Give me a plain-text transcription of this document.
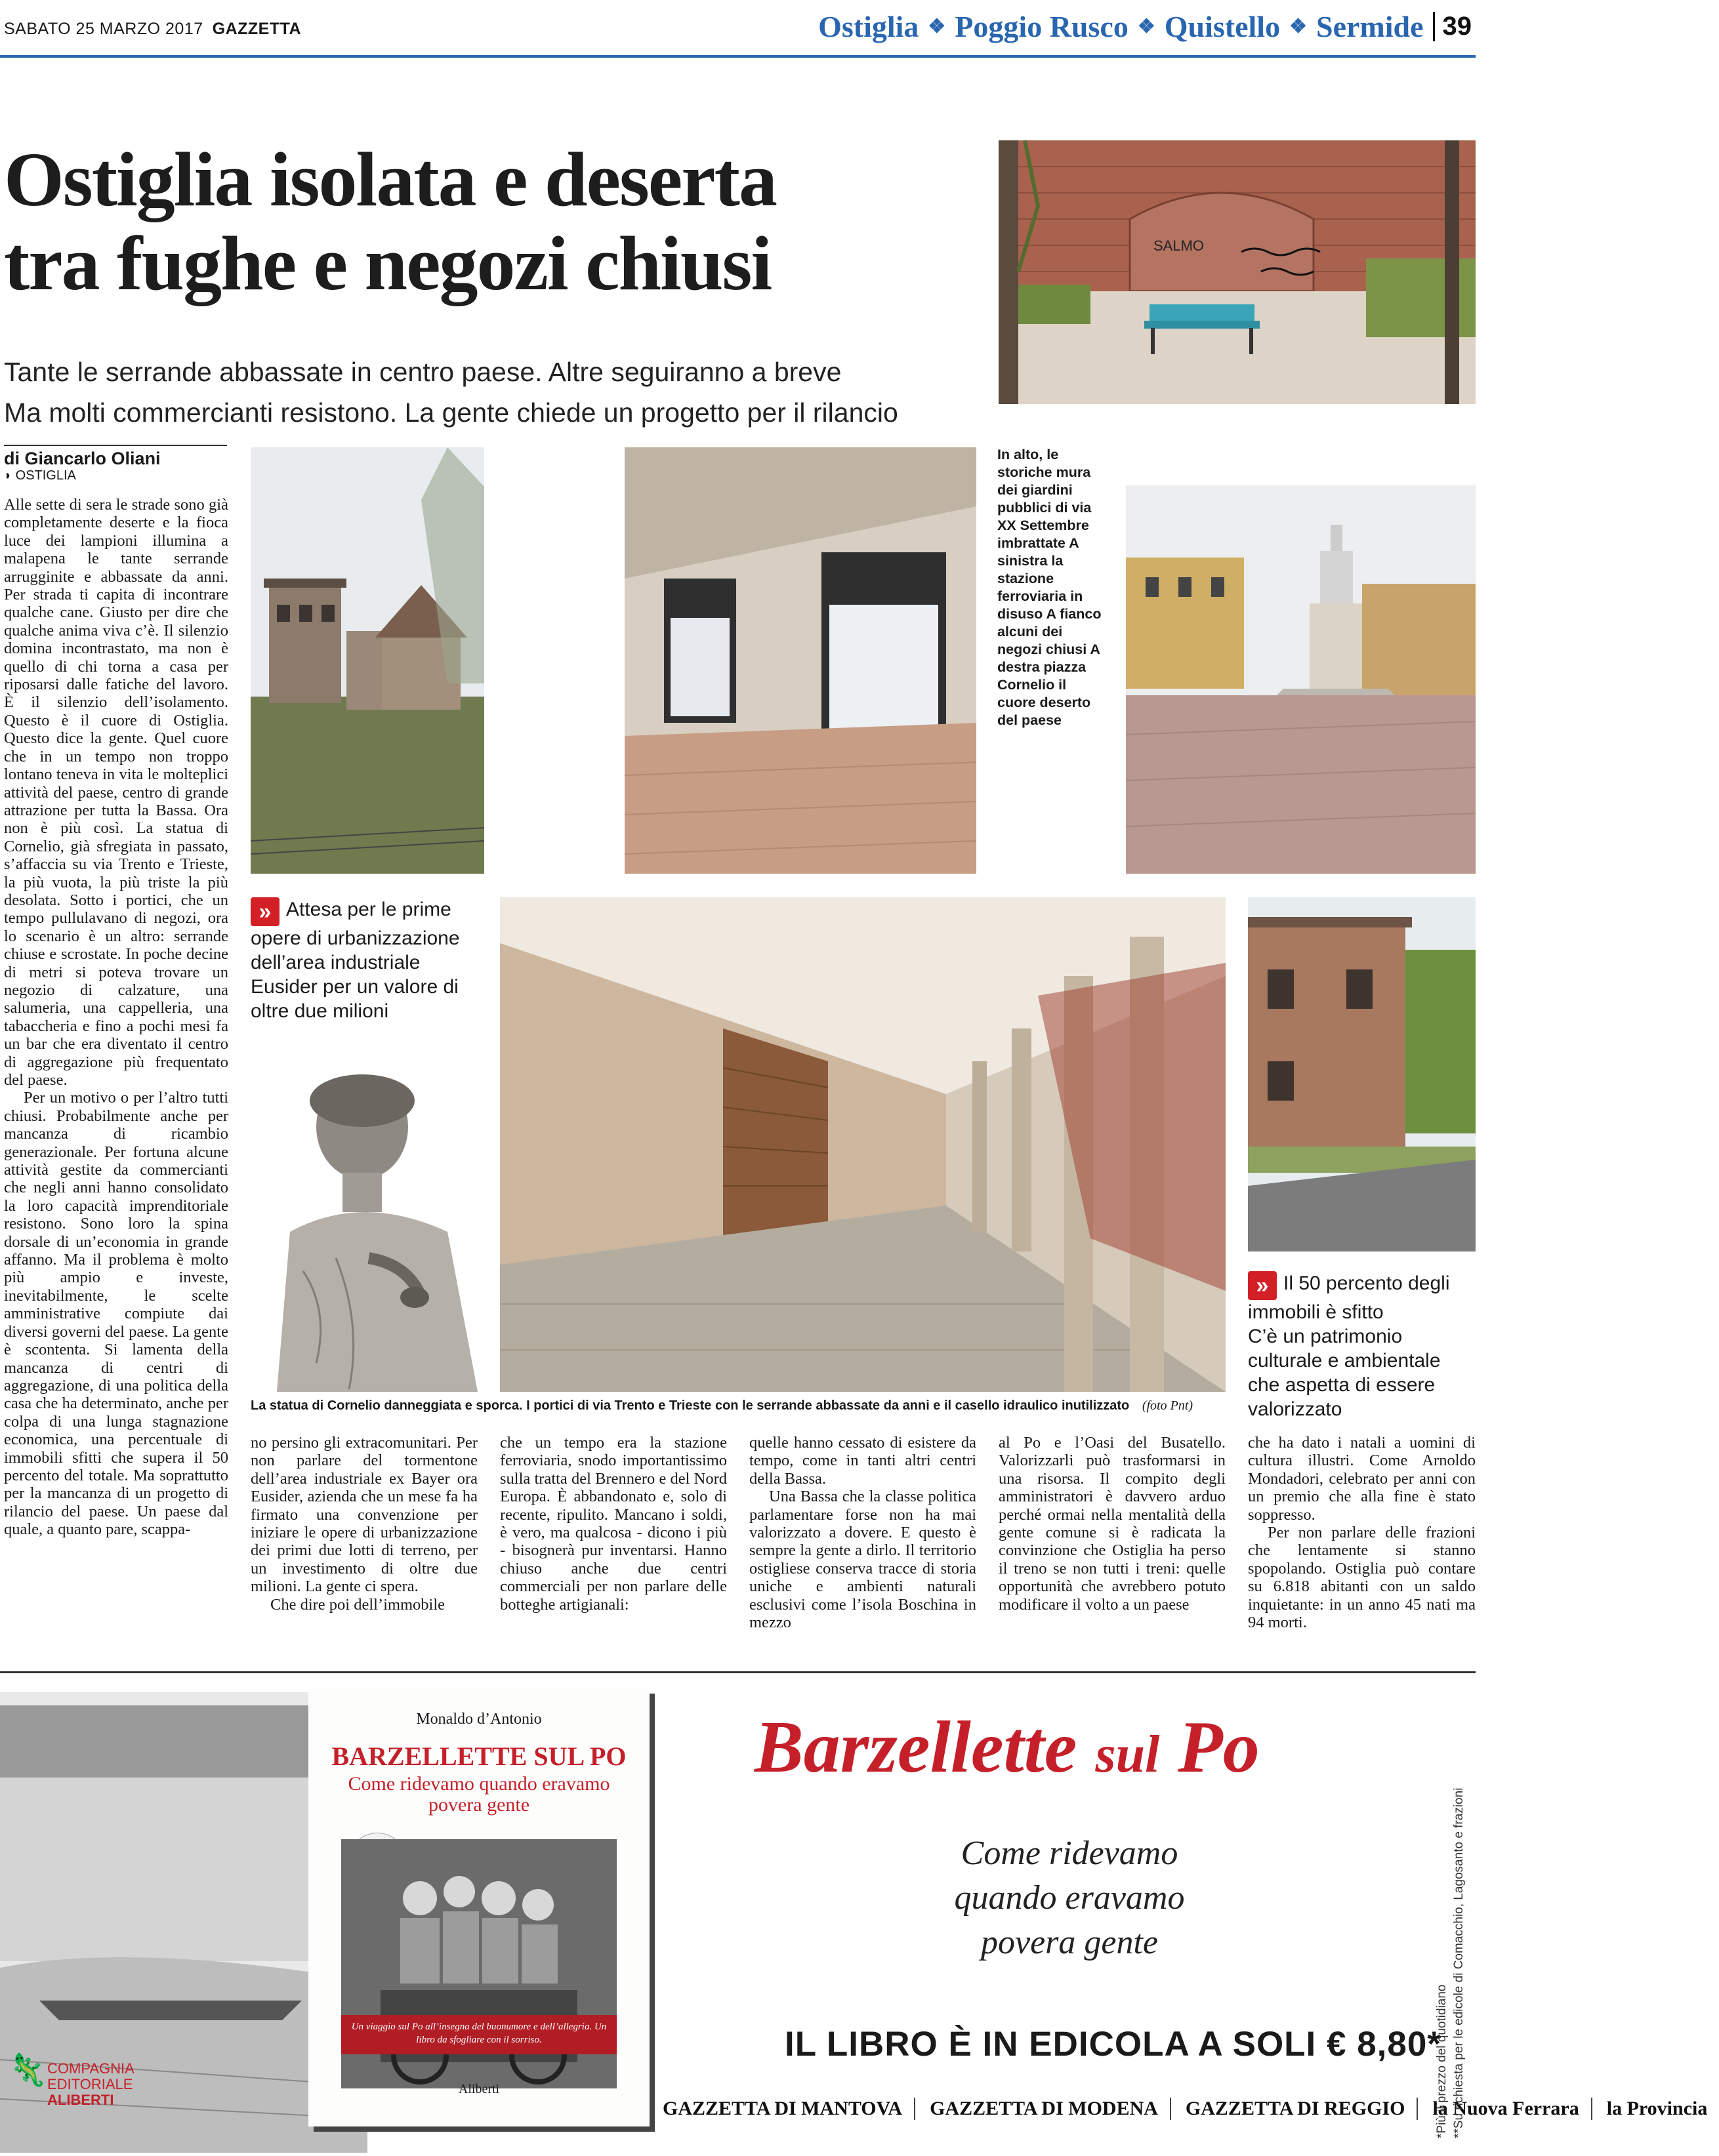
SABATO 25 MARZO 2017 GAZZETTA	Ostiglia ❖ Poggio Rusco ❖ Quistello ❖ Sermide 39
Ostiglia isolata e deserta
tra fughe e negozi chiusi
Tante le serrande abbassate in centro paese. Altre seguiranno a breve
Ma molti commercianti resistono. La gente chiede un progetto per il rilancio
di Giancarlo Oliani
◗ OSTIGLIA
SALMO
In alto, le storiche mura dei giardini pubblici di via XX Settembre imbrattate A sinistra la stazione ferroviaria in disuso A fianco alcuni dei negozi chiusi A destra piazza Cornelio il cuore deserto del paese
» Attesa per le prime opere di urbanizzazione dell’area industriale Eusider per un valore di oltre due milioni
» Il 50 percento degli immobili è sfitto
C’è un patrimonio culturale e ambientale che aspetta di essere valorizzato
La statua di Cornelio danneggiata e sporca. I portici di via Trento e Trieste con le serrande abbassate da anni e il casello idraulico inutilizzato (foto Pnt)

Alle sette di sera le strade sono già completamente deserte e la fioca luce dei lampioni illumina a malapena le tante serrande arrugginite e abbassate da anni. Per strada ti capita di incontrare qualche cane. Giusto per dire che qualche anima viva c’è. Il silenzio domina incontrastato, ma non è quello di chi torna a casa per riposarsi dalle fatiche del lavoro. È il silenzio dell’isolamento. Questo è il cuore di Ostiglia. Questo dice la gente. Quel cuore che in un tempo non troppo lontano teneva in vita le molteplici attività del paese, centro di grande attrazione per tutta la Bassa. Ora non è più così. La statua di Cornelio, già sfregiata in passato, s’affaccia su via Trento e Trieste, la più vuota, la più triste la più desolata. Sotto i portici, che un tempo pullulavano di negozi, ora lo scenario è un altro: serrande chiuse e scrostate. In poche decine di metri si poteva trovare un negozio di calzature, una salumeria, una cappelleria, una tabaccheria e fino a pochi mesi fa un bar che era diventato il centro di aggregazione più frequentato del paese.

Per un motivo o per l’altro tutti chiusi. Probabilmente anche per mancanza di ricambio generazionale. Per fortuna alcune attività gestite da commercianti che negli anni hanno consolidato la loro capacità imprenditoriale resistono. Sono loro la spina dorsale di un’economia in grande affanno. Ma il problema è molto più ampio e investe, inevitabilmente, le scelte amministrative compiute dai diversi governi del paese. La gente è scontenta. Si lamenta della mancanza di centri di aggregazione, di una politica della casa che ha determinato, anche per colpa di una lunga stagnazione economica, una percentuale di immobili sfitti che supera il 50 percento del totale. Ma soprattutto per la mancanza di un progetto di rilancio del paese. Un paese dal quale, a quanto pare, scappa-

no persino gli extracomunitari. Per non parlare del tormentone dell’area industriale ex Bayer ora Eusider, azienda che un mese fa ha firmato una convenzione per iniziare le opere di urbanizzazione dei primi due lotti di terreno, per un investimento di oltre due milioni. La gente ci spera.

Che dire poi dell’immobile

che un tempo era la stazione ferroviaria, snodo importantissimo sulla tratta del Brennero e del Nord Europa. È abbandonato e, solo di recente, ripulito. Mancano i soldi, è vero, ma qualcosa - dicono i più - bisognerà pur inventarsi. Hanno chiuso anche due centri commerciali per non parlare delle botteghe artigianali:

quelle hanno cessato di esistere da tempo, come in tanti altri centri della Bassa.

Una Bassa che la classe politica parlamentare forse non ha mai valorizzato a dovere. E questo è sempre la gente a dirlo. Il territorio ostigliese conserva tracce di storia uniche e ambienti naturali esclusivi come l’isola Boschina in mezzo

al Po e l’Oasi del Busatello. Valorizzarli può trasformarsi in una risorsa. Il compito degli amministratori è davvero arduo perché ormai nella mentalità della gente comune si è radicata la convinzione che Ostiglia ha perso il treno se non tutti i treni: quelle opportunità che avrebbero potuto modificare il volto a un paese

che ha dato i natali a uomini di cultura illustri. Come Arnoldo Mondadori, celebrato per anni con un premio che alla fine è stato soppresso.

Per non parlare delle frazioni che lentamente si stanno spopolando. Ostiglia può contare su 6.818 abitanti con un saldo inquietante: in un anno 45 nati ma 94 morti.

Monaldo d’Antonio
BARZELLETTE SUL PO
Come ridevamo quando eravamo povera gente
Un viaggio sul Po all’insegna del buonumore e dell’allegria. Un libro da sfogliare con il sorriso.
Aliberti
🦎 COMPAGNIA
EDITORIALE
ALIBERTI
Barzellette sul Po
Come ridevamo
quando eravamo
povera gente
IL LIBRO È IN EDICOLA A SOLI € 8,80*
GAZZETTA DI MANTOVA	GAZZETTA DI MODENA	GAZZETTA DI REGGIO	la Nuova Ferrara	la Provincia
*Più il prezzo del quotidiano **Su richiesta per le edicole di Comacchio, Lagosanto e frazioni
